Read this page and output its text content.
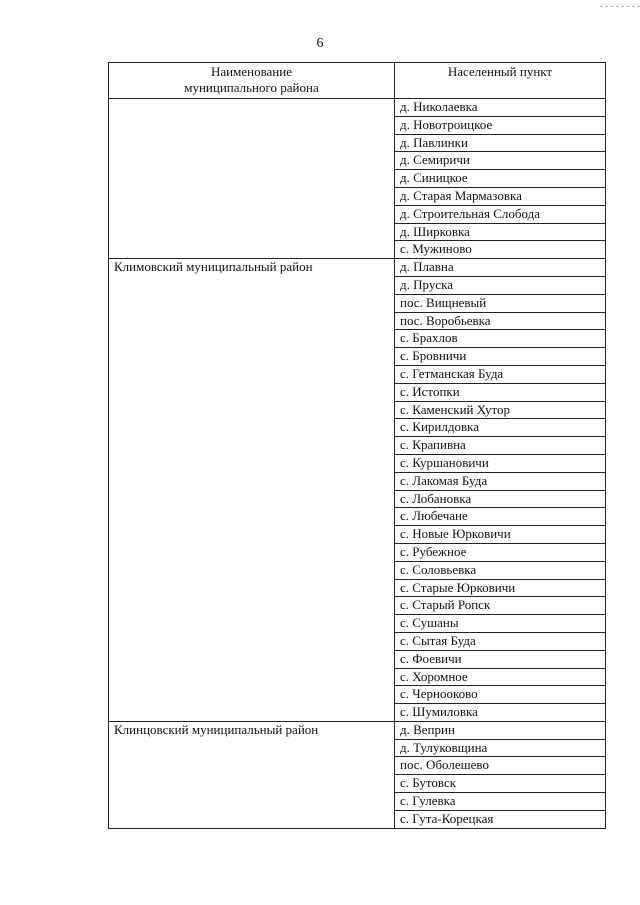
6
Наименование
муниципального района	Населенный пункт
	д. Николаевка
	д. Новотроицкое
	д. Павлинки
	д. Семиричи
	д. Синицкое
	д. Старая Мармазовка
	д. Строительная Слобода
	д. Ширковка
	с. Мужиново
Климовский муниципальный район	д. Плавна
	д. Пруска
	пос. Вищневый
	пос. Воробьевка
	с. Брахлов
	с. Бровничи
	с. Гетманская Буда
	с. Истопки
	с. Каменский Хутор
	с. Кирилдовка
	с. Крапивна
	с. Куршановичи
	с. Лакомая Буда
	с. Лобановка
	с. Любечане
	с. Новые Юрковичи
	с. Рубежное
	с. Соловьевка
	с. Старые Юрковичи
	с. Старый Ропск
	с. Сушаны
	с. Сытая Буда
	с. Фоевичи
	с. Хоромное
	с. Чернооково
	с. Шумиловка
Клинцовский муниципальный район	д. Веприн
	д. Тулуковщина
	пос. Оболешево
	с. Бутовск
	с. Гулевка
	с. Гута-Корецкая
